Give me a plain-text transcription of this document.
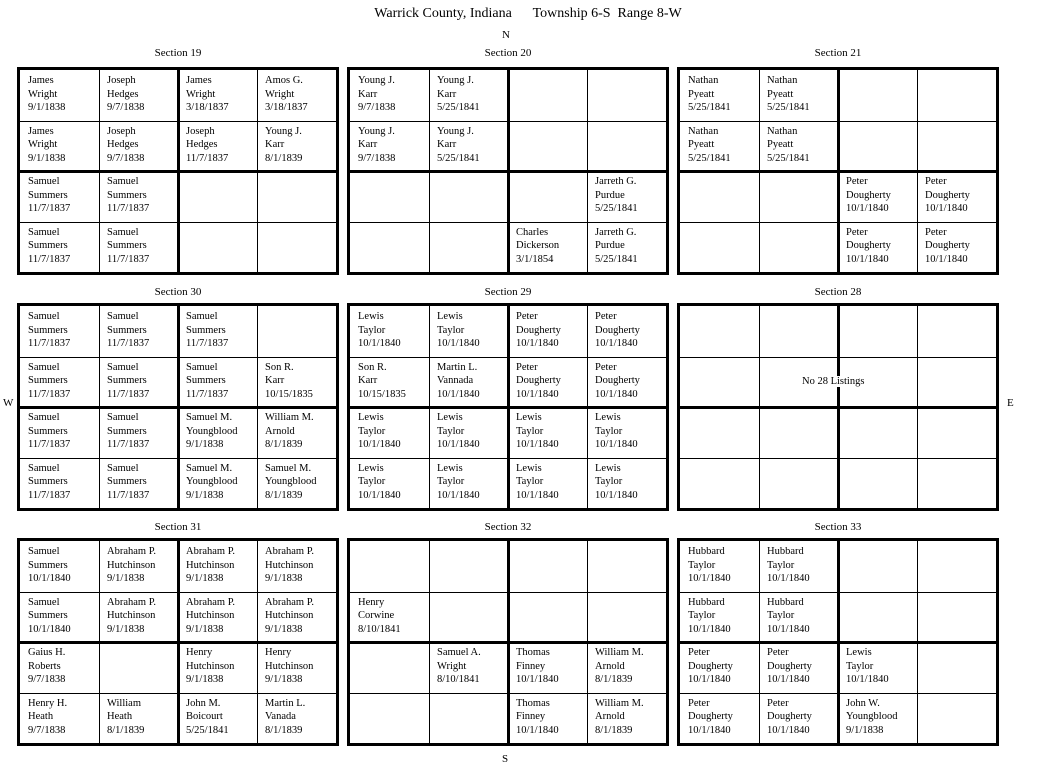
Warrick County, Indiana      Township 6-S  Range 8-W
N
S
W	E
Section 19
James
Wright
9/1/1838
Joseph
Hedges
9/7/1838
James
Wright
3/18/1837
Amos G.
Wright
3/18/1837
James
Wright
9/1/1838
Joseph
Hedges
9/7/1838
Joseph
Hedges
11/7/1837
Young J.
Karr
8/1/1839
Samuel
Summers
11/7/1837
Samuel
Summers
11/7/1837
Samuel
Summers
11/7/1837
Samuel
Summers
11/7/1837
Section 20
Young J.
Karr
9/7/1838
Young J.
Karr
5/25/1841
Young J.
Karr
9/7/1838
Young J.
Karr
5/25/1841
Jarreth G.
Purdue
5/25/1841
Charles
Dickerson
3/1/1854
Jarreth G.
Purdue
5/25/1841
Section 21
Nathan
Pyeatt
5/25/1841
Nathan
Pyeatt
5/25/1841
Nathan
Pyeatt
5/25/1841
Nathan
Pyeatt
5/25/1841
Peter
Dougherty
10/1/1840
Peter
Dougherty
10/1/1840
Peter
Dougherty
10/1/1840
Peter
Dougherty
10/1/1840
Section 30
Samuel
Summers
11/7/1837
Samuel
Summers
11/7/1837
Samuel
Summers
11/7/1837
Samuel
Summers
11/7/1837
Samuel
Summers
11/7/1837
Samuel
Summers
11/7/1837
Son R.
Karr
10/15/1835
Samuel
Summers
11/7/1837
Samuel
Summers
11/7/1837
Samuel M.
Youngblood
9/1/1838
William M.
Arnold
8/1/1839
Samuel
Summers
11/7/1837
Samuel
Summers
11/7/1837
Samuel M.
Youngblood
9/1/1838
Samuel M.
Youngblood
8/1/1839
Section 29
Lewis
Taylor
10/1/1840
Lewis
Taylor
10/1/1840
Peter
Dougherty
10/1/1840
Peter
Dougherty
10/1/1840
Son R.
Karr
10/15/1835
Martin L.
Vannada
10/1/1840
Peter
Dougherty
10/1/1840
Peter
Dougherty
10/1/1840
Lewis
Taylor
10/1/1840
Lewis
Taylor
10/1/1840
Lewis
Taylor
10/1/1840
Lewis
Taylor
10/1/1840
Lewis
Taylor
10/1/1840
Lewis
Taylor
10/1/1840
Lewis
Taylor
10/1/1840
Lewis
Taylor
10/1/1840
Section 28
No 28 Listings
Section 31
Samuel
Summers
10/1/1840
Abraham P.
Hutchinson
9/1/1838
Abraham P.
Hutchinson
9/1/1838
Abraham P.
Hutchinson
9/1/1838
Samuel
Summers
10/1/1840
Abraham P.
Hutchinson
9/1/1838
Abraham P.
Hutchinson
9/1/1838
Abraham P.
Hutchinson
9/1/1838
Gaius H.
Roberts
9/7/1838
Henry
Hutchinson
9/1/1838
Henry
Hutchinson
9/1/1838
Henry H.
Heath
9/7/1838
William
Heath
8/1/1839
John M.
Boicourt
5/25/1841
Martin L.
Vanada
8/1/1839
Section 32
Henry
Corwine
8/10/1841
Samuel A.
Wright
8/10/1841
Thomas
Finney
10/1/1840
William M.
Arnold
8/1/1839
Thomas
Finney
10/1/1840
William M.
Arnold
8/1/1839
Section 33
Hubbard
Taylor
10/1/1840
Hubbard
Taylor
10/1/1840
Hubbard
Taylor
10/1/1840
Hubbard
Taylor
10/1/1840
Peter
Dougherty
10/1/1840
Peter
Dougherty
10/1/1840
Lewis
Taylor
10/1/1840
Peter
Dougherty
10/1/1840
Peter
Dougherty
10/1/1840
John W.
Youngblood
9/1/1838
